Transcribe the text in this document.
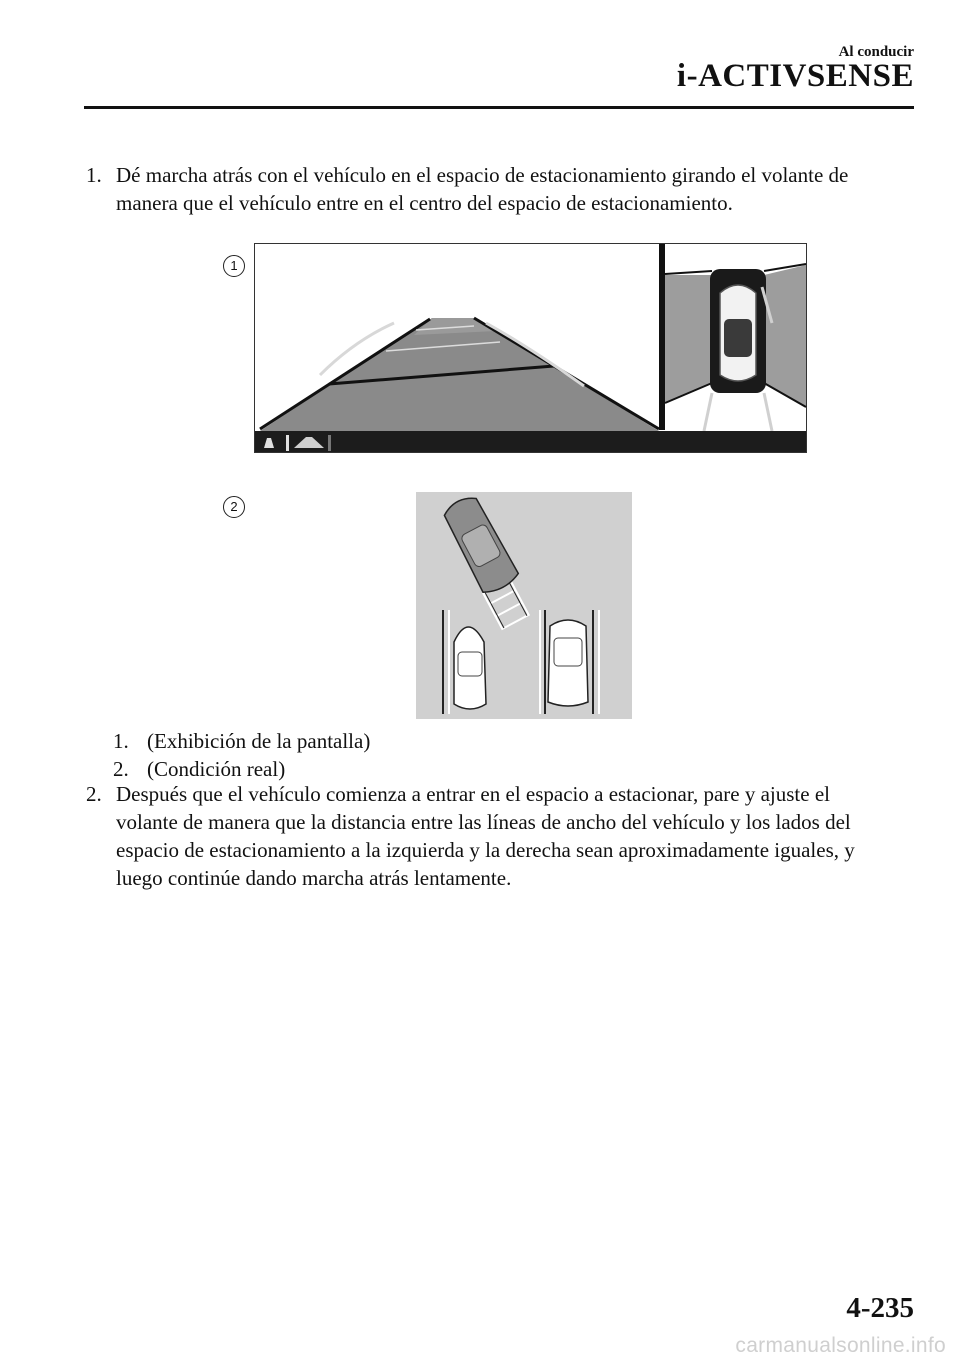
Al conducir
i-ACTIVSENSE
1. Dé marcha atrás con el vehículo en el espacio de estacionamiento girando el volante de
manera que el vehículo entre en el centro del espacio de estacionamiento.
1
2
1. (Exhibición de la pantalla)
2. (Condición real)
2. Después que el vehículo comienza a entrar en el espacio a estacionar, pare y ajuste el
volante de manera que la distancia entre las líneas de ancho del vehículo y los lados del
espacio de estacionamiento a la izquierda y la derecha sean aproximadamente iguales, y
luego continúe dando marcha atrás lentamente.
4-235
carmanualsonline.info
